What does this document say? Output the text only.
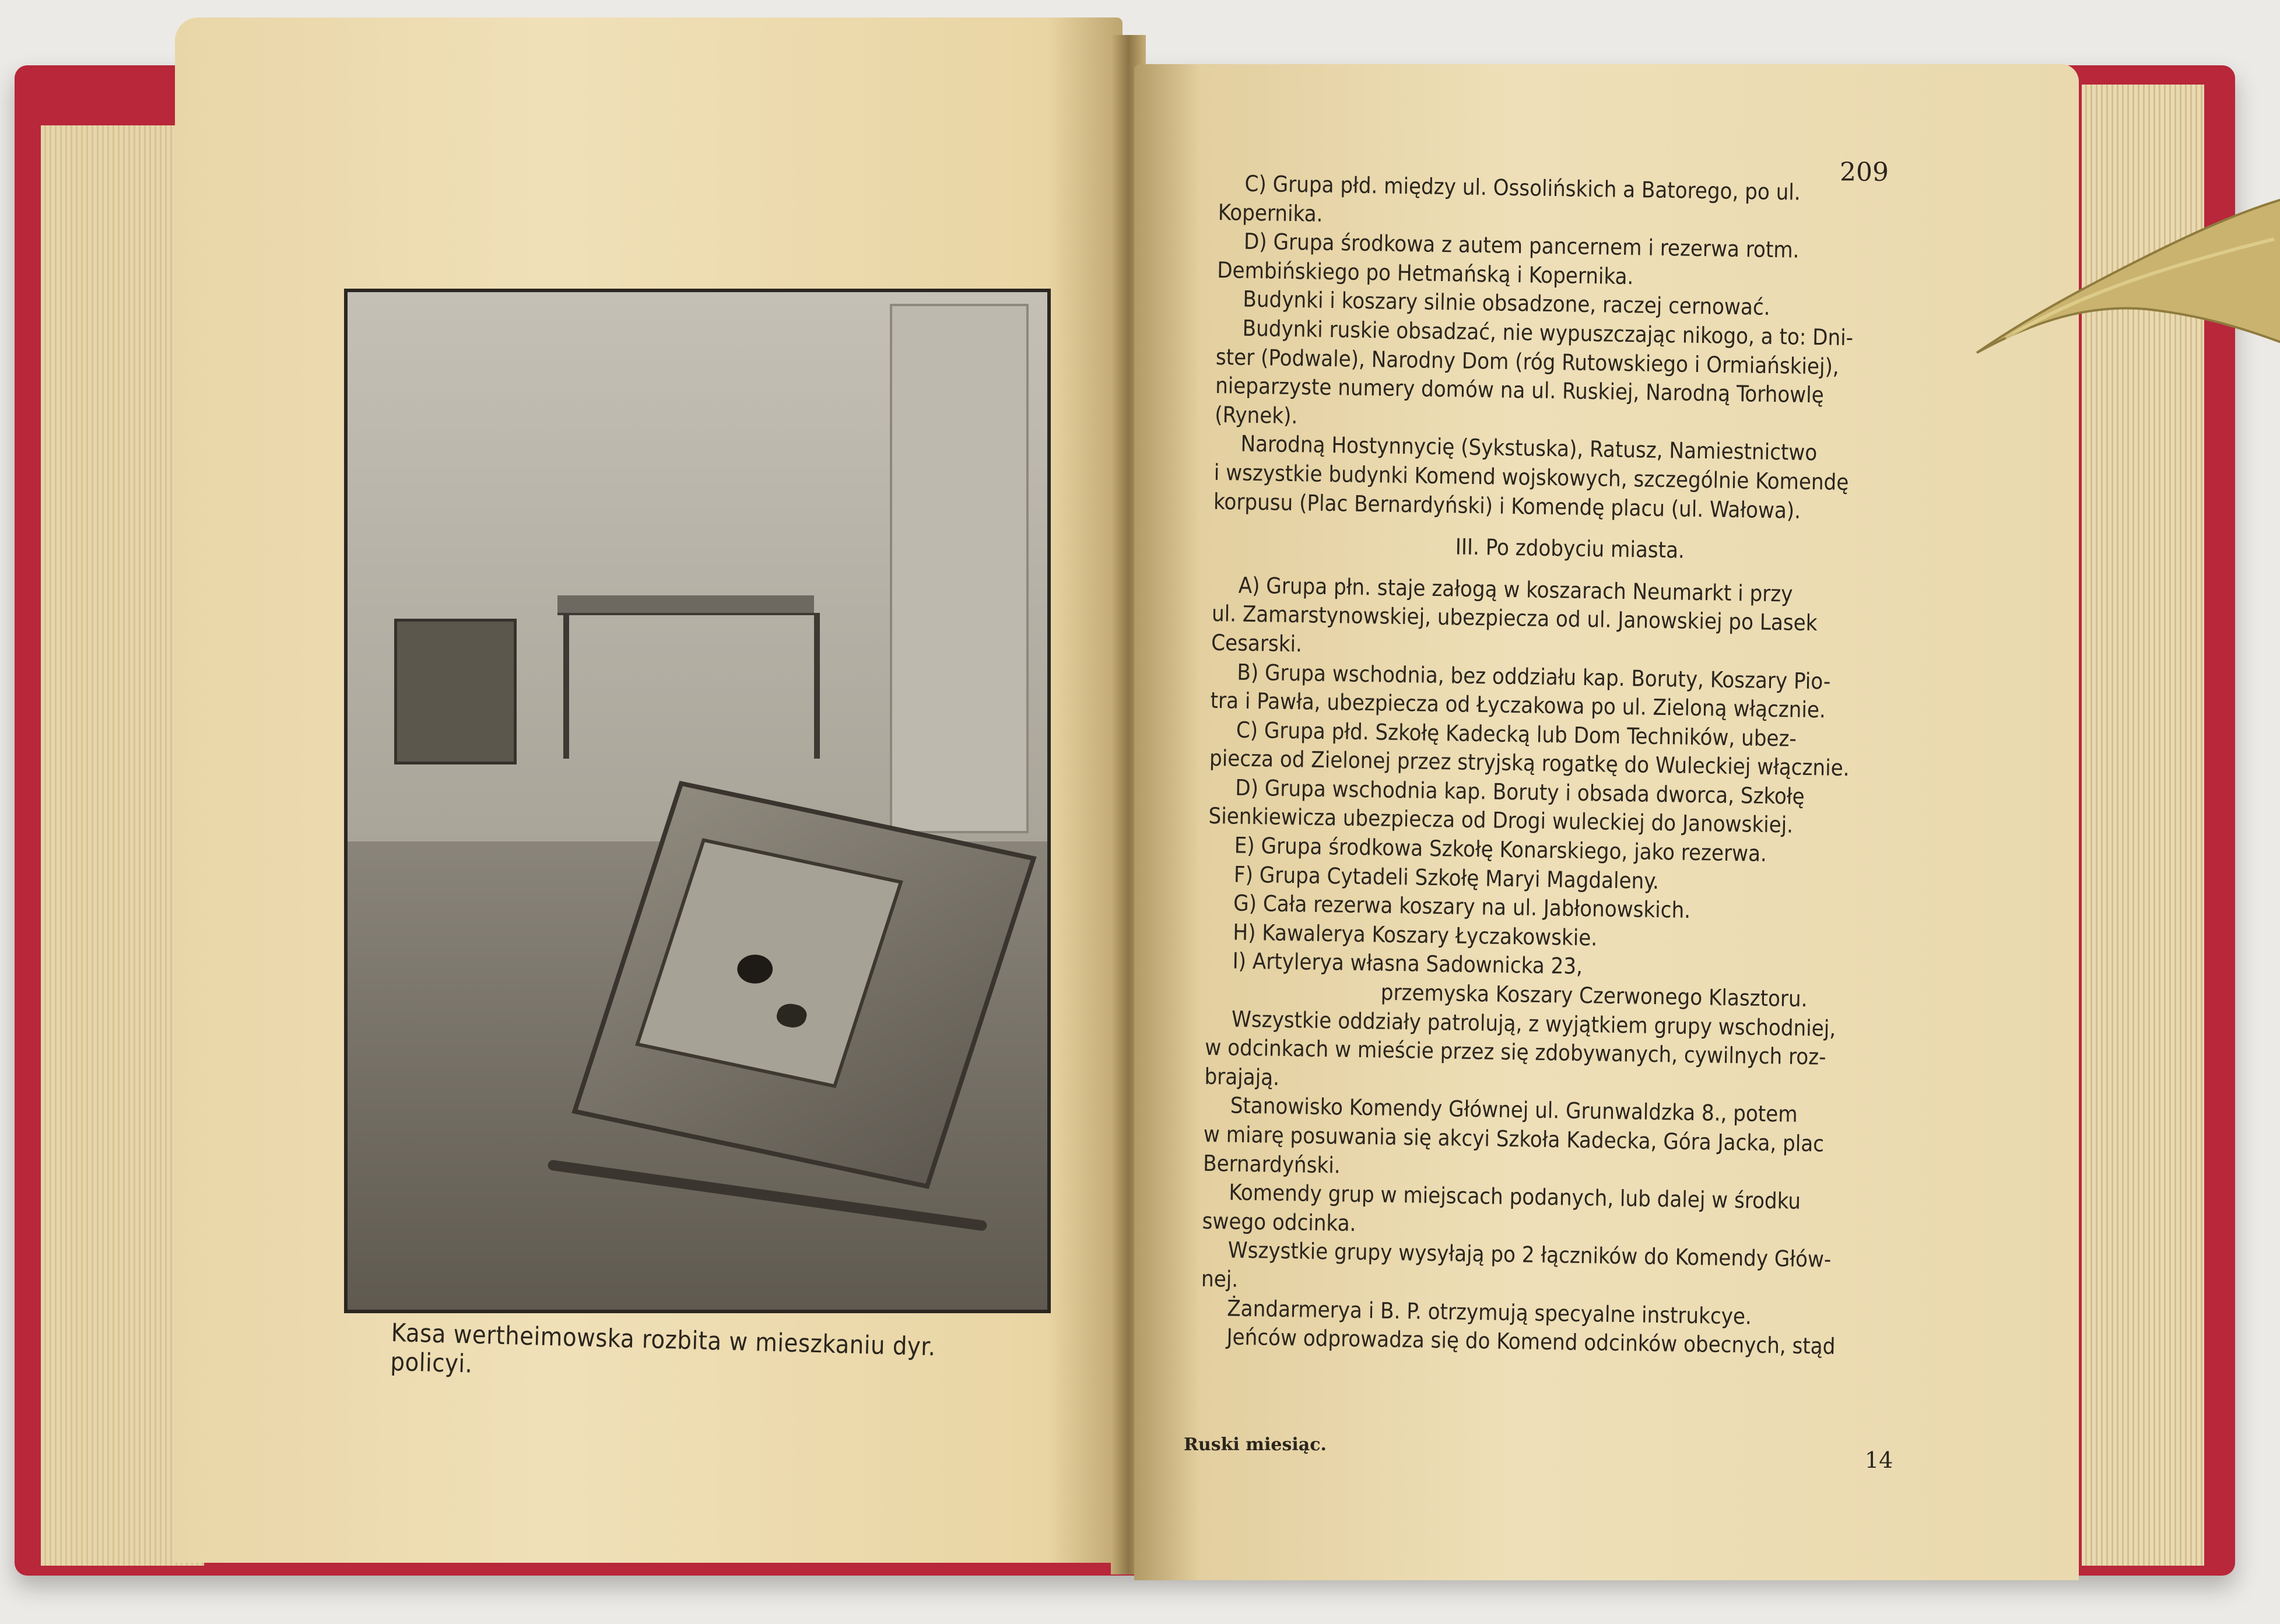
Kasa wertheimowska rozbita w mieszkaniu dyr. policyi.
209
C) Grupa płd. między ul. Ossolińskich a Batorego, po ul.
Kopernika.
D) Grupa środkowa z autem pancernem i rezerwa rotm.
Dembińskiego po Hetmańską i Kopernika.
Budynki i koszary silnie obsadzone, raczej cernować.
Budynki ruskie obsadzać, nie wypuszczając nikogo, a to: Dni-
ster (Podwale), Narodny Dom (róg Rutowskiego i Ormiańskiej),
nieparzyste numery domów na ul. Ruskiej, Narodną Torhowlę
(Rynek).
Narodną Hostynnycię (Sykstuska), Ratusz, Namiestnictwo
i wszystkie budynki Komend wojskowych, szczególnie Komendę
korpusu (Plac Bernardyński) i Komendę placu (ul. Wałowa).
III. Po zdobyciu miasta.
A) Grupa płn. staje załogą w koszarach Neumarkt i przy
ul. Zamarstynowskiej, ubezpiecza od ul. Janowskiej po Lasek
Cesarski.
B) Grupa wschodnia, bez oddziału kap. Boruty, Koszary Pio-
tra i Pawła, ubezpiecza od Łyczakowa po ul. Zieloną włącznie.
C) Grupa płd. Szkołę Kadecką lub Dom Techników, ubez-
piecza od Zielonej przez stryjską rogatkę do Wuleckiej włącznie.
D) Grupa wschodnia kap. Boruty i obsada dworca, Szkołę
Sienkiewicza ubezpiecza od Drogi wuleckiej do Janowskiej.
E) Grupa środkowa Szkołę Konarskiego, jako rezerwa.
F) Grupa Cytadeli Szkołę Maryi Magdaleny.
G) Cała rezerwa koszary na ul. Jabłonowskich.
H) Kawalerya Koszary Łyczakowskie.
I) Artylerya własna Sadownicka 23,
przemyska Koszary Czerwonego Klasztoru.
Wszystkie oddziały patrolują, z wyjątkiem grupy wschodniej,
w odcinkach w mieście przez się zdobywanych, cywilnych roz-
brajają.
Stanowisko Komendy Głównej ul. Grunwaldzka 8., potem
w miarę posuwania się akcyi Szkoła Kadecka, Góra Jacka, plac
Bernardyński.
Komendy grup w miejscach podanych, lub dalej w środku
swego odcinka.
Wszystkie grupy wysyłają po 2 łączników do Komendy Głów-
nej.
Żandarmerya i B. P. otrzymują specyalne instrukcye.
Jeńców odprowadza się do Komend odcinków obecnych, stąd
Ruski miesiąc.
14
